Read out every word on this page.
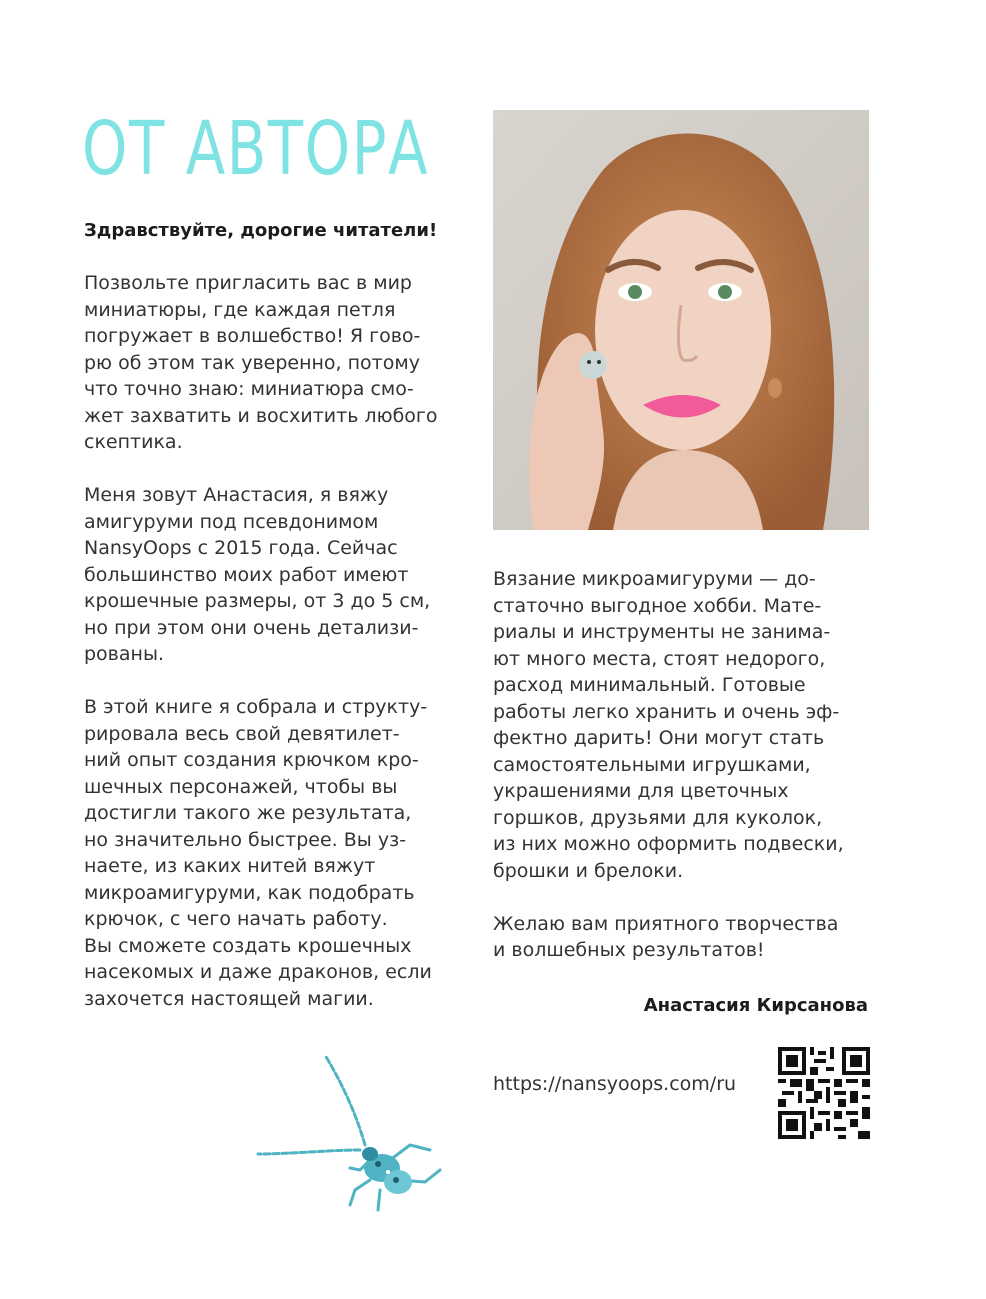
ОТ АВТОРА
Здравствуйте, дорогие читатели!
Позвольте пригласить вас в мир
миниатюры, где каждая петля
погружает в волшебство! Я гово-
рю об этом так уверенно, потому
что точно знаю: миниатюра смо-
жет захватить и восхитить любого
скептика.
Меня зовут Анастасия, я вяжу
амигуруми под псевдонимом
NansyOops с 2015 года. Сейчас
большинство моих работ имеют
крошечные размеры, от 3 до 5 см,
но при этом они очень детализи-
рованы.
В этой книге я собрала и структу-
рировала весь свой девятилет-
ний опыт создания крючком кро-
шечных персонажей, чтобы вы
достигли такого же результата,
но значительно быстрее. Вы уз-
наете, из каких нитей вяжут
микроамигуруми, как подобрать
крючок, с чего начать работу.
Вы сможете создать крошечных
насекомых и даже драконов, если
захочется настоящей магии.
Вязание микроамигуруми — до-
статочно выгодное хобби. Мате-
риалы и инструменты не занима-
ют много места, стоят недорого,
расход минимальный. Готовые
работы легко хранить и очень эф-
фектно дарить! Они могут стать
самостоятельными игрушками,
украшениями для цветочных
горшков, друзьями для куколок,
из них можно оформить подвески,
брошки и брелоки.
Желаю вам приятного творчества
и волшебных результатов!
Анастасия Кирсанова
https://nansyoops.com/ru
